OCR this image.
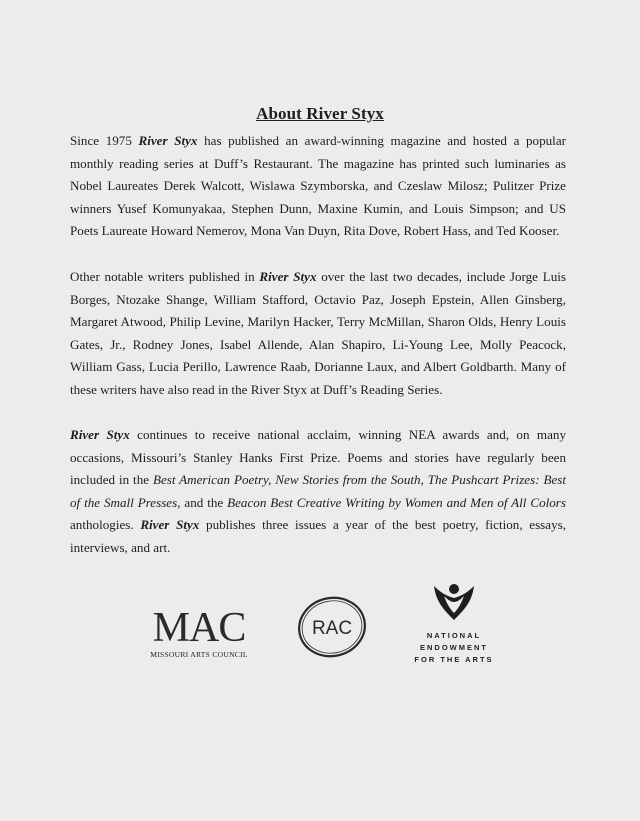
About River Styx

Since 1975 River Styx has published an award-winning magazine and hosted a popular monthly reading series at Duff’s Restaurant. The magazine has printed such luminaries as Nobel Laureates Derek Walcott, Wislawa Szymborska, and Czeslaw Milosz; Pulitzer Prize winners Yusef Komunyakaa, Stephen Dunn, Maxine Kumin, and Louis Simpson; and US Poets Laureate Howard Nemerov, Mona Van Duyn, Rita Dove, Robert Hass, and Ted Kooser.

Other notable writers published in River Styx over the last two decades, include Jorge Luis Borges, Ntozake Shange, William Stafford, Octavio Paz, Joseph Epstein, Allen Ginsberg, Margaret Atwood, Philip Levine, Marilyn Hacker, Terry McMillan, Sharon Olds, Henry Louis Gates, Jr., Rodney Jones, Isabel Allende, Alan Shapiro, Li-Young Lee, Molly Peacock, William Gass, Lucia Perillo, Lawrence Raab, Dorianne Laux, and Albert Goldbarth. Many of these writers have also read in the River Styx at Duff’s Reading Series.

River Styx continues to receive national acclaim, winning NEA awards and, on many occasions, Missouri’s Stanley Hanks First Prize. Poems and stories have regularly been included in the Best American Poetry, New Stories from the South, The Pushcart Prizes: Best of the Small Presses, and the Beacon Best Creative Writing by Women and Men of All Colors anthologies. River Styx publishes three issues a year of the best poetry, fiction, essays, interviews, and art.

MAC
MISSOURI ARTS COUNCIL
RAC	NATIONAL
ENDOWMENT
FOR THE ARTS
